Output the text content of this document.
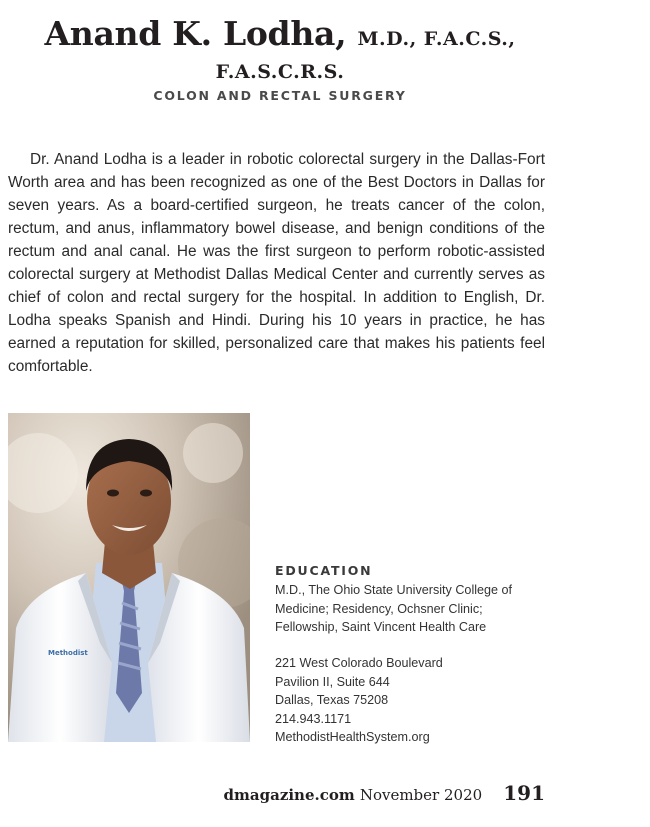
Anand K. Lodha, M.D., F.A.C.S.,
F.A.S.C.R.S.
COLON AND RECTAL SURGERY

Dr. Anand Lodha is a leader in robotic colorectal surgery in the Dallas-Fort Worth area and has been recognized as one of the Best Doctors in Dallas for seven years. As a board-certified surgeon, he treats cancer of the colon, rectum, and anus, inflammatory bowel disease, and benign conditions of the rectum and anal canal. He was the first surgeon to perform robotic-assisted colorectal surgery at Methodist Dallas Medical Center and currently serves as chief of colon and rectal surgery for the hospital. In addition to English, Dr. Lodha speaks Spanish and Hindi. During his 10 years in practice, he has earned a reputation for skilled, personalized care that makes his patients feel comfortable.

Methodist
EDUCATION

M.D., The Ohio State University College of Medicine; Residency, Ochsner Clinic; Fellowship, Saint Vincent Health Care

221 West Colorado Boulevard
Pavilion II, Suite 644
Dallas, Texas 75208
214.943.1171
MethodistHealthSystem.org
dmagazine.com November 2020 191
